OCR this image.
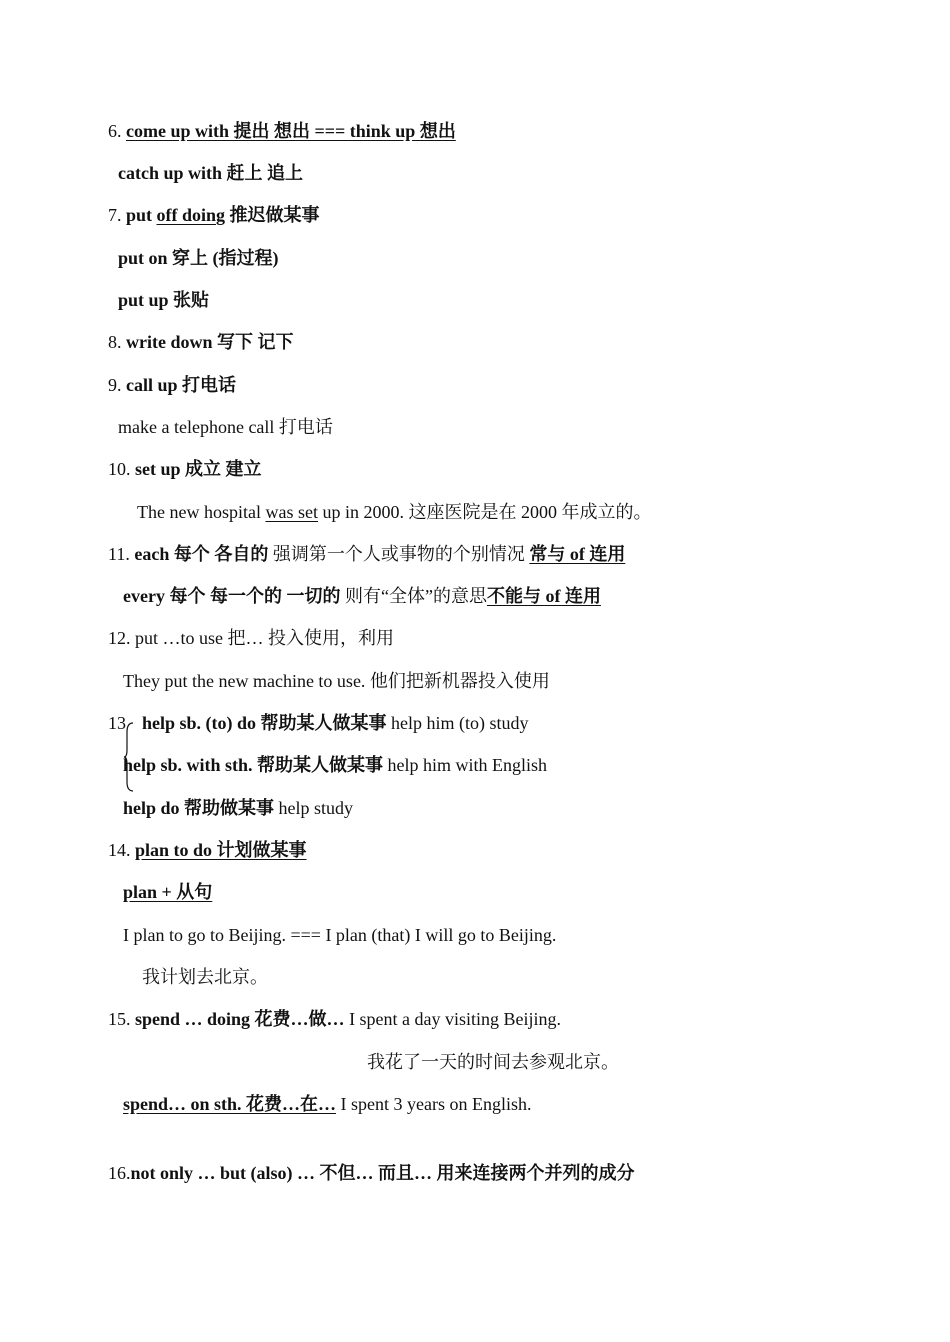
6. come up with 提出 想出 === think up 想出
catch up with 赶上 追上
7. put off doing 推迟做某事
put on 穿上 (指过程)
put up 张贴
8. write down 写下 记下
9. call up 打电话
make a telephone call 打电话
10. set up 成立 建立
The new hospital was set up in 2000. 这座医院是在 2000 年成立的。
11. each 每个 各自的 强调第一个人或事物的个别情况 常与 of 连用
every 每个 每一个的 一切的 则有“全体”的意思不能与 of 连用
12. put …to use 把… 投入使用，利用
They put the new machine to use. 他们把新机器投入使用
13 help sb. (to) do 帮助某人做某事 help him (to) study
help sb. with sth. 帮助某人做某事 help him with English
help do 帮助做某事 help study
14. plan to do 计划做某事
plan + 从句
I plan to go to Beijing. === I plan (that) I will go to Beijing.
我计划去北京。
15. spend … doing 花费…做… I spent a day visiting Beijing.
我花了一天的时间去参观北京。
spend… on sth. 花费…在… I spent 3 years on English.
16.not only … but (also) … 不但… 而且… 用来连接两个并列的成分
